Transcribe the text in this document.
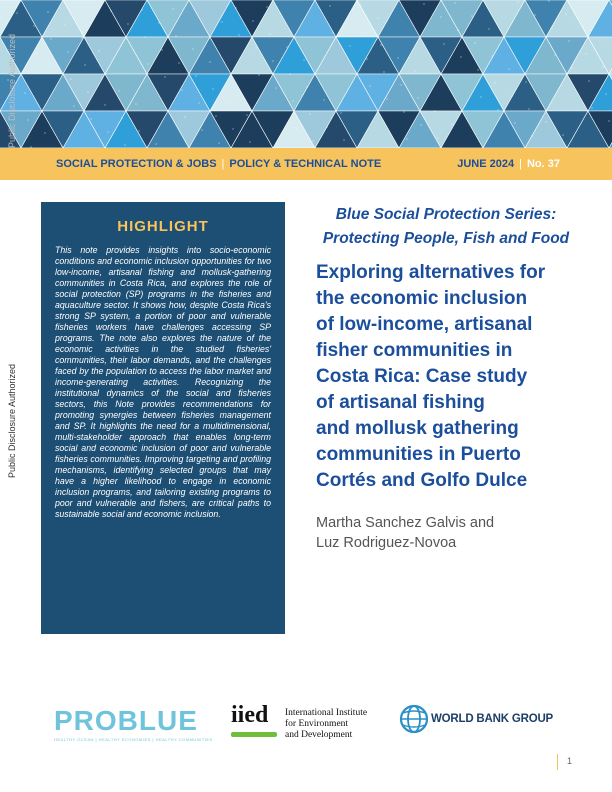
Public Disclosure Authorized
Public Disclosure Authorized
SOCIAL PROTECTION & JOBS | POLICY & TECHNICAL NOTE	JUNE 2024 | No. 37
HIGHLIGHT
This note provides insights into socio-economic conditions and economic inclusion opportunities for two low-income, artisanal fishing and mollusk-gathering communities in Costa Rica, and explores the role of social protection (SP) programs in the fisheries and aquaculture sector. It shows how, despite Costa Rica's strong SP system, a portion of poor and vulnerable fisheries workers have challenges accessing SP programs. The note also explores the nature of the economic activities in the studied fisheries' communities, their labor demands, and the challenges faced by the population to access the labor market and income-generating activities. Recognizing the institutional dynamics of the social and fisheries sectors, this Note provides recommendations for promoting synergies between fisheries management and SP. It highlights the need for a multidimensional, multi-stakeholder approach that enables long-term social and economic inclusion of poor and vulnerable fisheries communities. Improving targeting and profiling mechanisms, identifying selected groups that may have a higher likelihood to engage in economic inclusion programs, and tailoring existing programs to poor and vulnerable and fishers, are critical paths to sustainable social and economic inclusion.
Blue Social Protection Series:
Protecting People, Fish and Food
Exploring alternatives for
the economic inclusion
of low-income, artisanal
fisher communities in
Costa Rica: Case study
of artisanal fishing
and mollusk gathering
communities in Puerto
Cortés and Golfo Dulce
Martha Sanchez Galvis and
Luz Rodriguez-Novoa
PROBLUE
HEALTHY OCEAN | HEALTHY ECONOMIES | HEALTHY COMMUNITIES
iied International Institute
for Environment
and Development
WORLD BANK GROUP
1
